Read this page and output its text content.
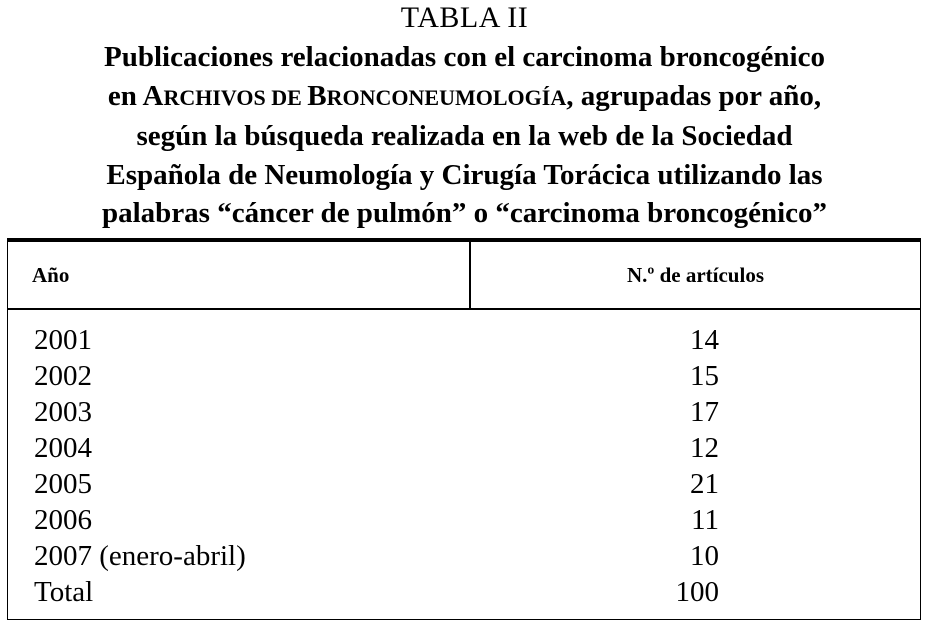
TABLA II
Publicaciones relacionadas con el carcinoma broncogénico
en ARCHIVOS DE BRONCONEUMOLOGÍA, agrupadas por año,
según la búsqueda realizada en la web de la Sociedad
Española de Neumología y Cirugía Torácica utilizando las
palabras “cáncer de pulmón” o “carcinoma broncogénico”
Año	N.º de artículos
2001	14
2002	15
2003	17
2004	12
2005	21
2006	11
2007 (enero-abril)	10
Total	100
